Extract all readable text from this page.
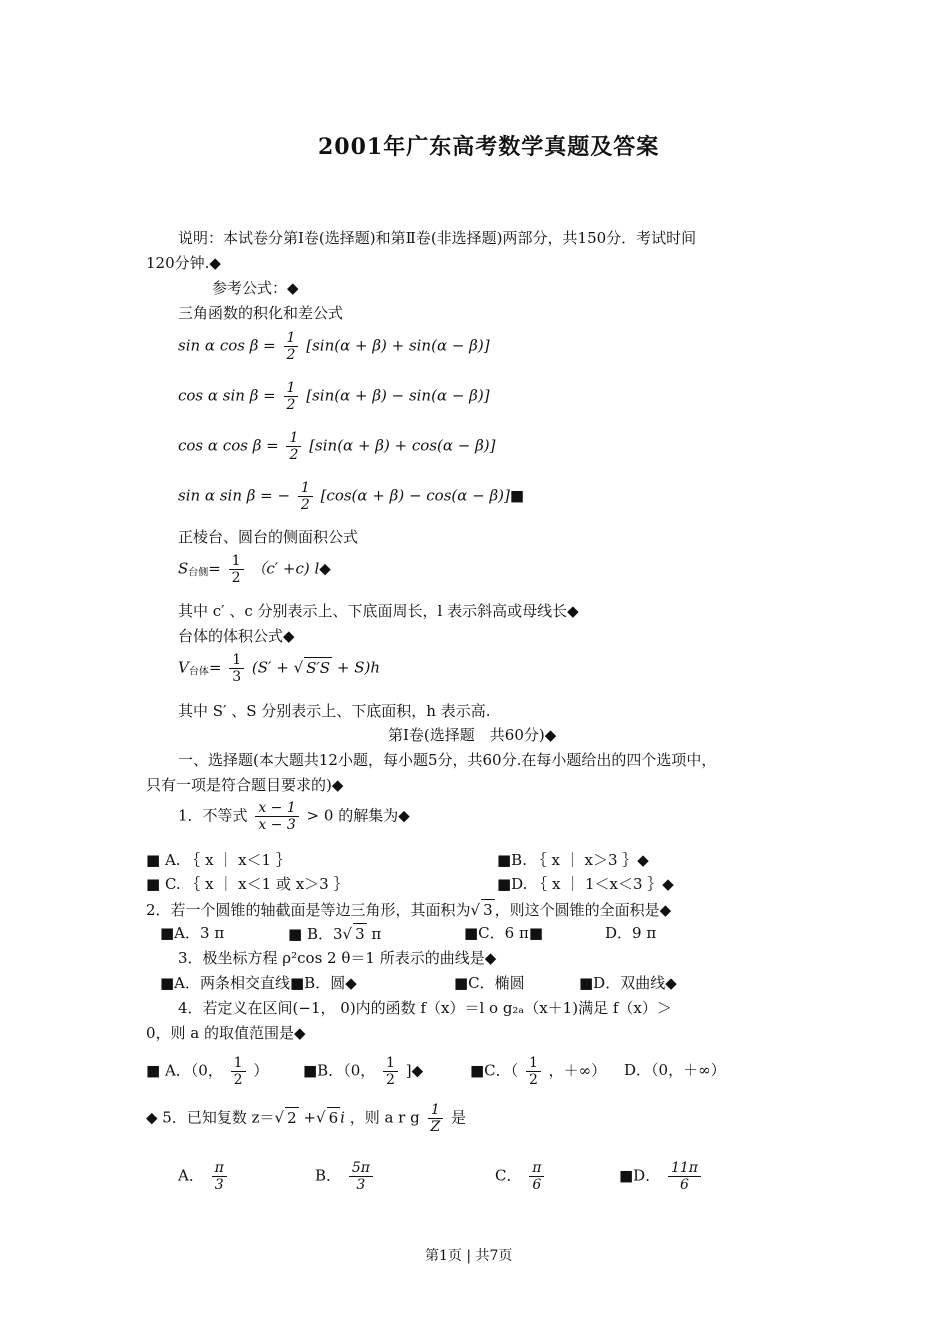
2001年广东高考数学真题及答案
说明：本试卷分第Ⅰ卷(选择题)和第Ⅱ卷(非选择题)两部分，共150分．考试时间
120分钟.◆
参考公式：◆
三角函数的积化和差公式
sin α $\cos \beta = \frac{1}{2} [\sin(\alpha + \beta) + \sin(\alpha - \beta)]$
cos α $\sin \beta = \frac{1}{2} [\sin(\alpha + \beta) - \sin(\alpha - \beta)]$
cos α $\cos \beta = \frac{1}{2} [\sin(\alpha + \beta) + \cos(\alpha - \beta)]$
sin α sin β = − $\frac{1}{2} [\cos(\alpha + \beta) - \cos(\alpha$ − β)]■
正棱台、圆台的侧面积公式
$S_{台侧}= \frac{1}{2} (c' +c)$ l◆
其中 c′ 、c 分别表示上、下底面周长，l 表示斜高或母线长◆
台体的体积公式◆
$V_{台体}= \frac{1}{3} (S'$ + √ S′S + S)h
其中 S′ 、S 分别表示上、下底面积，h 表示高.
第Ⅰ卷(选择题　共60分)◆
一、选择题(本大题共12小题，每小题5分，共60分.在每小题给出的四个选项中，
只有一项是符合题目要求的)◆
1．不等式 $\frac{x - 1}{x - 3} > 0$ 的解集为◆
■ A. ｛ x ｜ x＜1 ｝	■B. ｛ x ｜ x＞3 ｝◆
■ C. ｛ x ｜ x＜1 或 x＞3 ｝	■D. ｛ x ｜ 1＜x＜3 ｝◆
2．若一个圆锥的轴截面是等边三角形，其面积为√ 3 ，则这个圆锥的全面积是◆
■A．3 π	■ B．3√ 3 π	■C．6 π■	D．9 π
3．极坐标方程 ρ²cos 2 θ＝1 所表示的曲线是◆
■A．两条相交直线■B．圆◆	■C．椭圆	■D．双曲线◆
4．若定义在区间(−1， 0)内的函数 f（x）＝l o g₂ₐ（x＋1)满足 f（x）＞
0，则 a 的取值范围是◆
■ A．（0， $\frac{1}{2}$ ） ■B．（0， $\frac{1}{2}$ ]◆	■C．（ $\frac{1}{2}$ ，＋∞） D．（0，＋∞）
◆ 5．已知复数 z＝√ 2 +√ 6 i ，则 a r g $\frac{1}{Z}$ 是
A． $\frac{\pi}{3}$	B． $\frac{5\pi}{3}$	C． $\frac{\pi}{6}$	■D． $\frac{11\pi}{6}$
第1页 | 共7页
